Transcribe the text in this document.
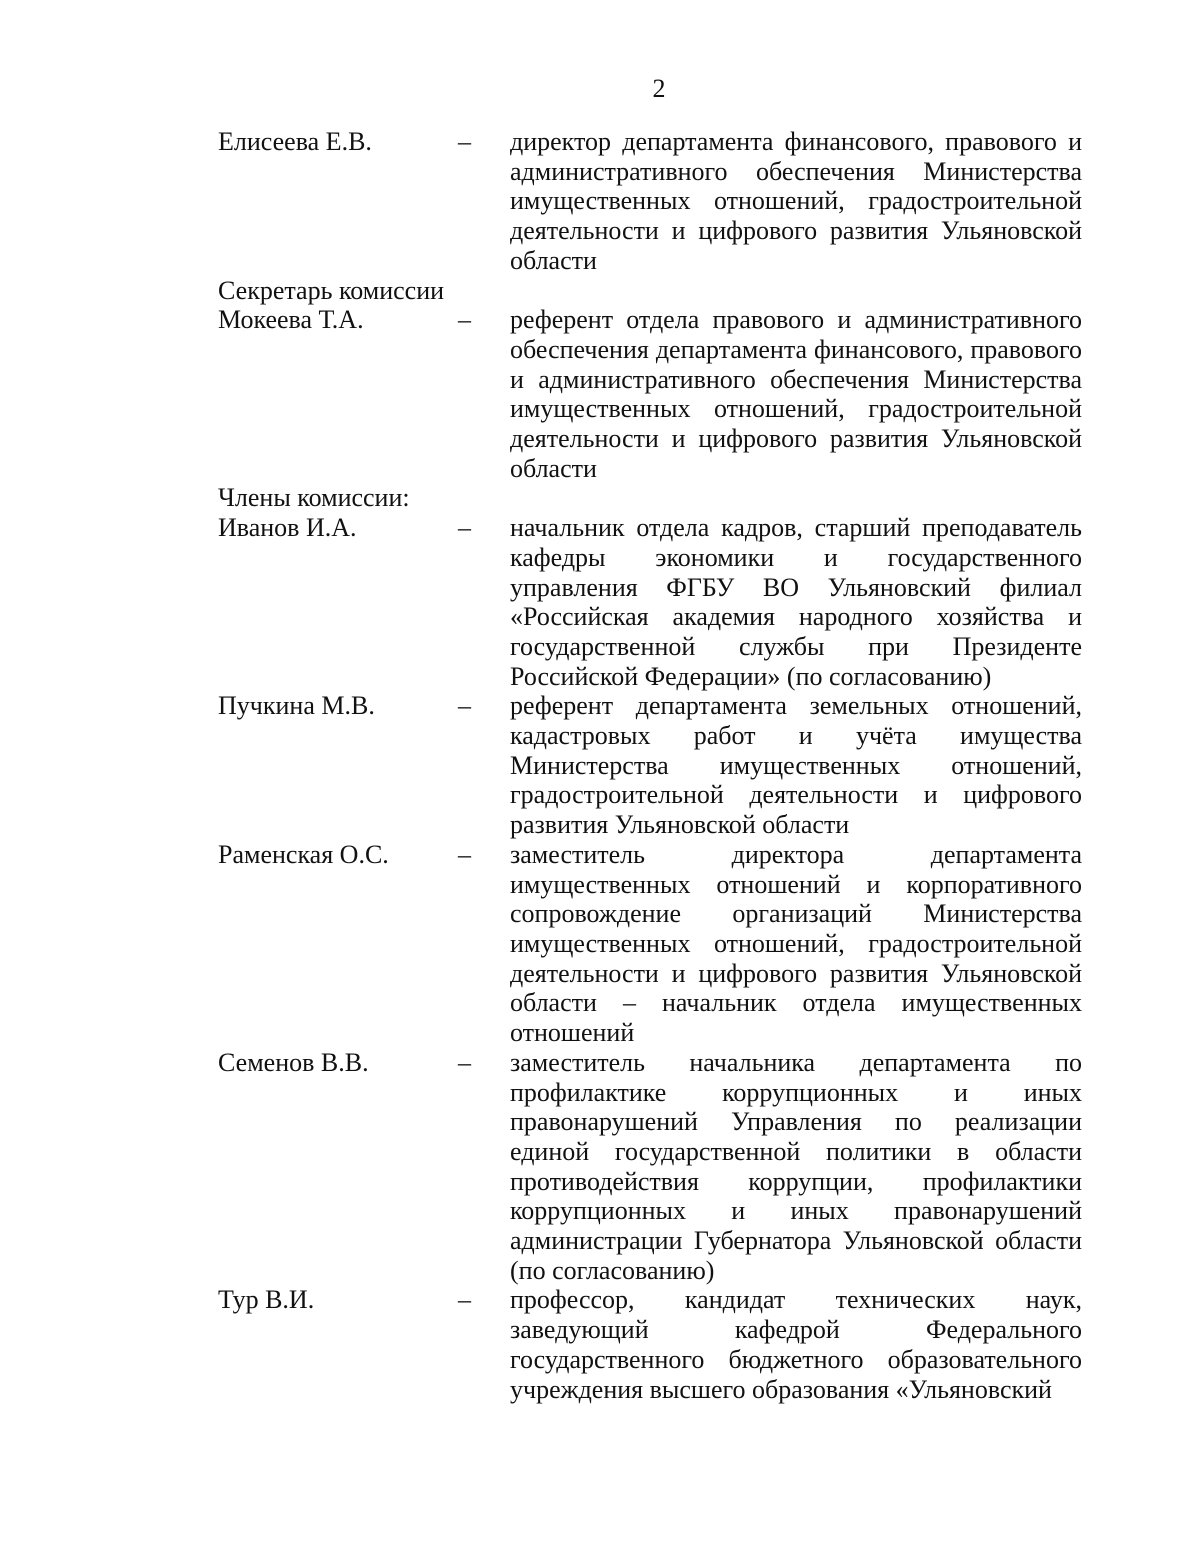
2
Елисеева Е.В.	–	директор департамента финансового, правового и административного обеспечения Министерства имущественных отношений, градостроительной деятельности и цифрового развития Ульяновской области
Секретарь комиссии
Мокеева Т.А.	–	референт отдела правового и административного обеспечения департамента финансового, правового и административного обеспечения Министерства имущественных отношений, градостроительной деятельности и цифрового развития Ульяновской области
Члены комиссии:
Иванов И.А.	–	начальник отдела кадров, старший преподаватель кафедры экономики и государственного управления ФГБУ ВО Ульяновский филиал «Российская академия народного хозяйства и государственной службы при Президенте Российской Федерации» (по согласованию)
Пучкина М.В.	–	референт департамента земельных отношений, кадастровых работ и учёта имущества Министерства имущественных отношений, градостроительной деятельности и цифрового развития Ульяновской области
Раменская О.С.	–	заместитель директора департамента имущественных отношений и корпоративного сопровождение организаций Министерства имущественных отношений, градостроительной деятельности и цифрового развития Ульяновской области – начальник отдела имущественных отношений
Семенов В.В.	–	заместитель начальника департамента по профилактике коррупционных и иных правонарушений Управления по реализации единой государственной политики в области противодействия коррупции, профилактики коррупционных и иных правонарушений администрации Губернатора Ульяновской области (по согласованию)
Тур В.И.	–	профессор, кандидат технических наук, заведующий кафедрой Федерального государственного бюджетного образовательного учреждения высшего образования «Ульяновский
